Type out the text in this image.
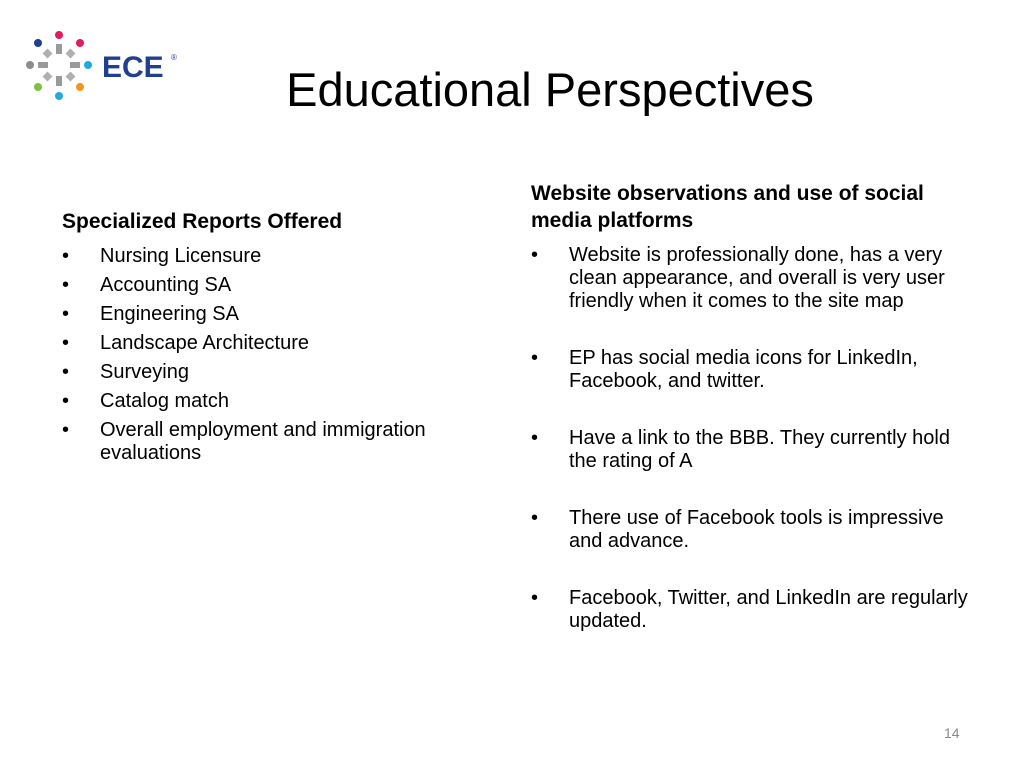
ECE ®
Educational Perspectives

Specialized Reports Offered

• Nursing Licensure
• Accounting SA
• Engineering SA
• Landscape Architecture
• Surveying
• Catalog match
• Overall employment and immigration evaluations

Website observations and use of social media platforms

• Website is professionally done, has a very clean appearance, and overall is very user friendly when it comes to the site map
• EP has social media icons for LinkedIn, Facebook, and twitter.
• Have a link to the BBB. They currently hold the rating of A
• There use of Facebook tools is impressive and advance.
• Facebook, Twitter, and LinkedIn are regularly updated.
14
